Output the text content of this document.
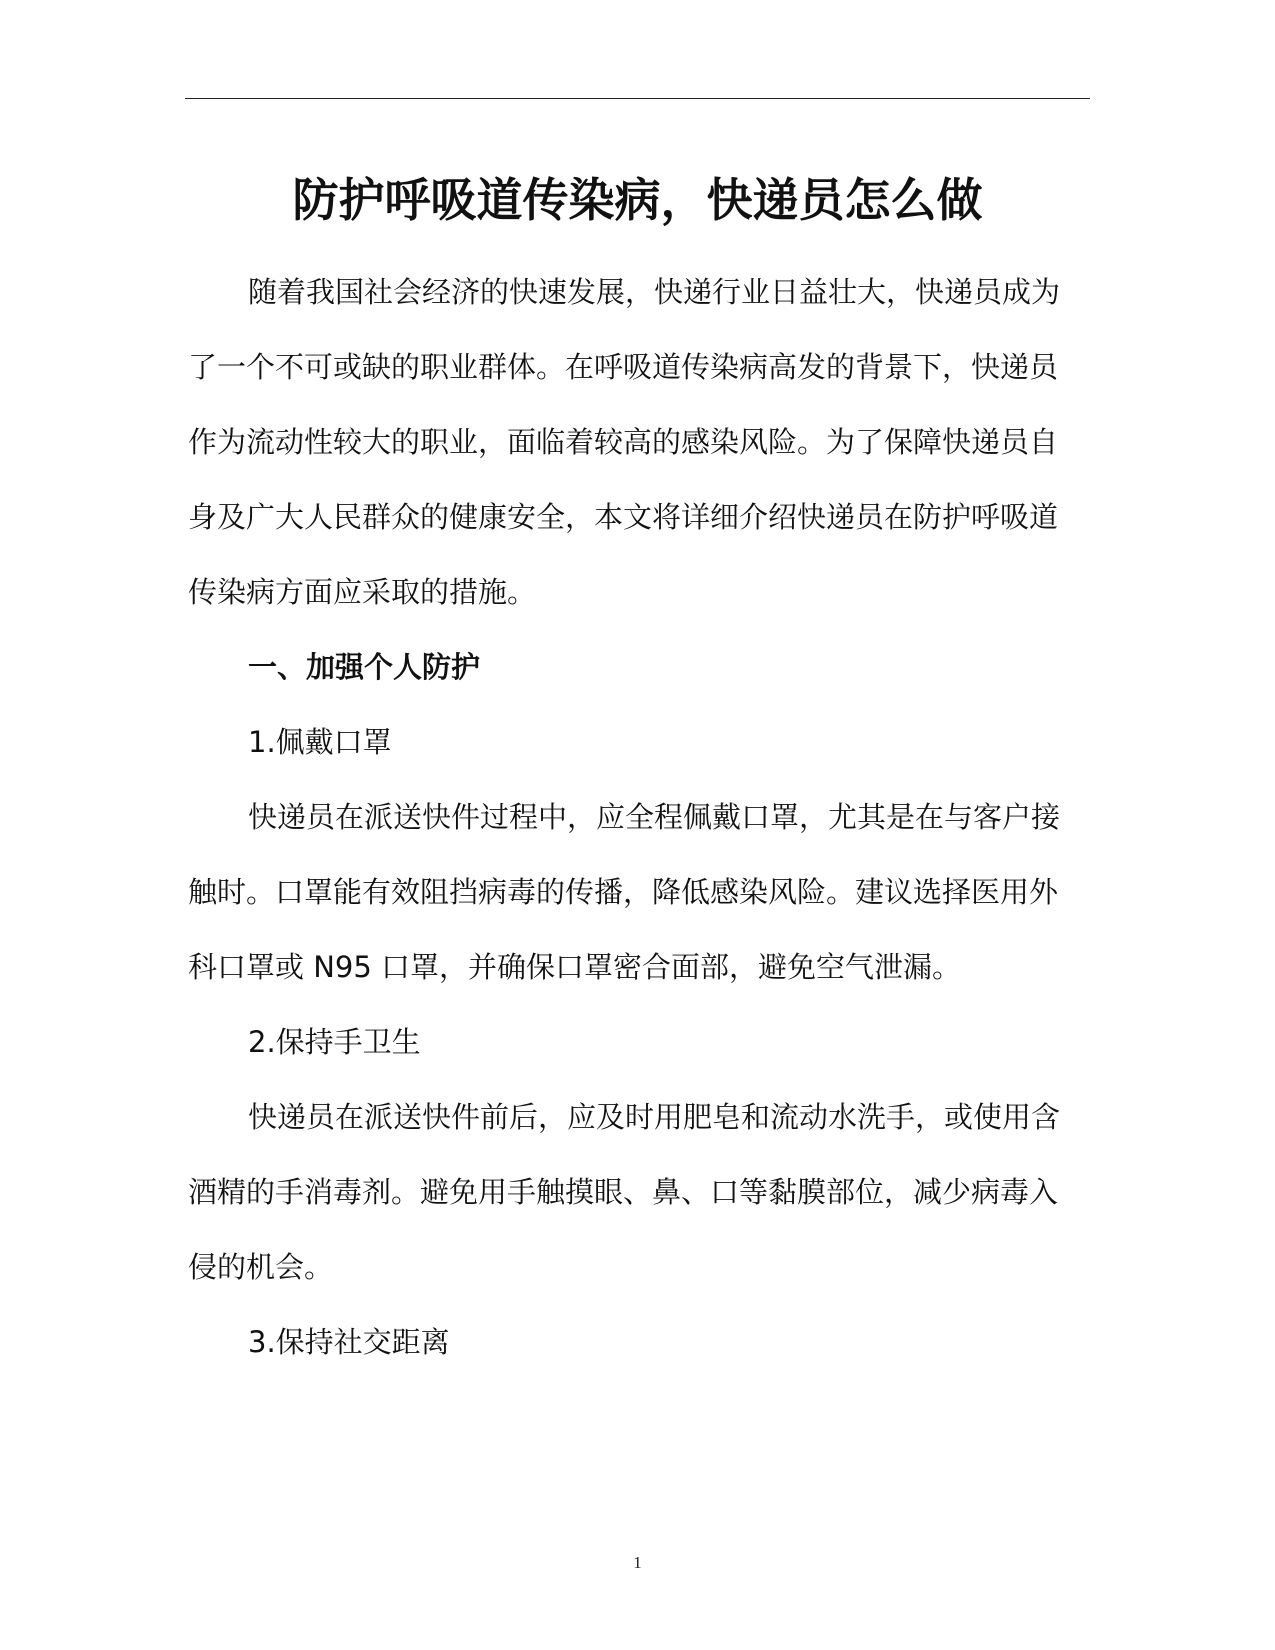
防护呼吸道传染病，快递员怎么做
随着我国社会经济的快速发展，快递行业日益壮大，快递员成为
了一个不可或缺的职业群体。在呼吸道传染病高发的背景下，快递员
作为流动性较大的职业，面临着较高的感染风险。为了保障快递员自
身及广大人民群众的健康安全，本文将详细介绍快递员在防护呼吸道
传染病方面应采取的措施。
一、加强个人防护
1.佩戴口罩
快递员在派送快件过程中，应全程佩戴口罩，尤其是在与客户接
触时。口罩能有效阻挡病毒的传播，降低感染风险。建议选择医用外
科口罩或 N95 口罩，并确保口罩密合面部，避免空气泄漏。
2.保持手卫生
快递员在派送快件前后，应及时用肥皂和流动水洗手，或使用含
酒精的手消毒剂。避免用手触摸眼、鼻、口等黏膜部位，减少病毒入
侵的机会。
3.保持社交距离
1
